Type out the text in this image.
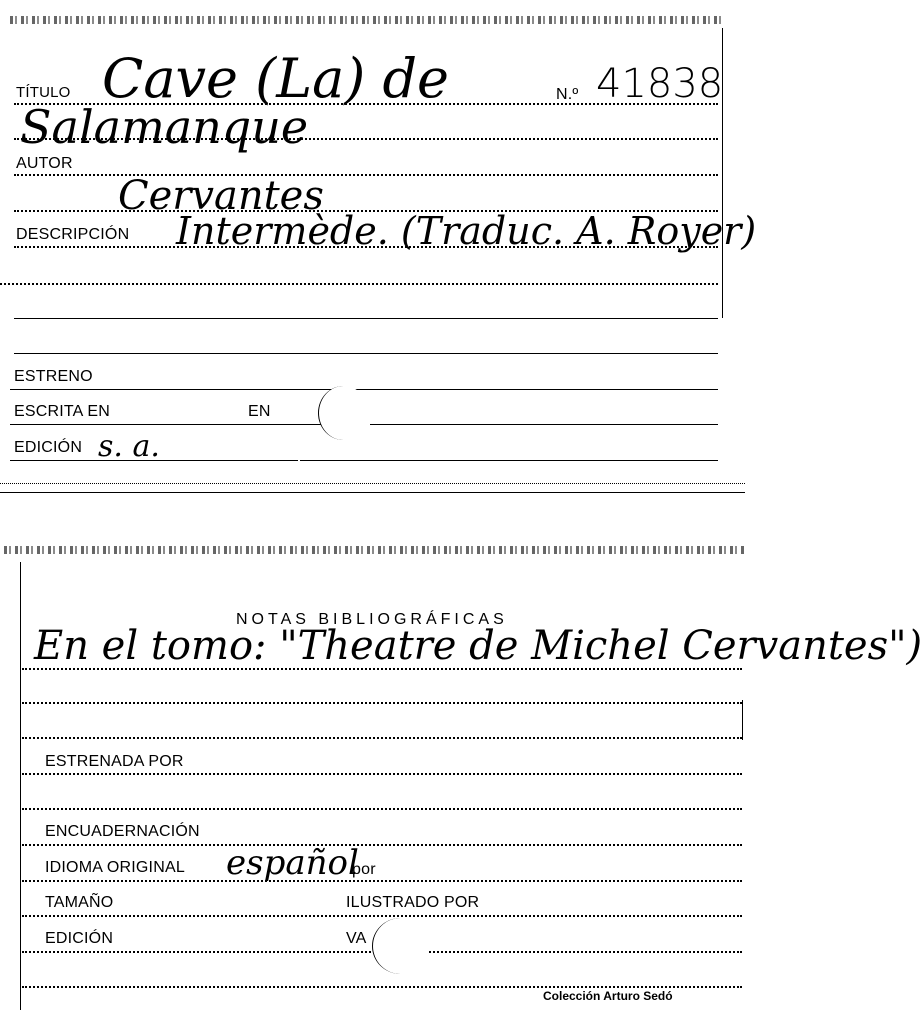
TÍTULO Cave (La) de	N.º 41838
Salamanque
AUTOR
Cervantes
DESCRIPCIÓN Intermède. (Traduc. A. Royer)
ESTRENO
ESCRITA EN	EN
EDICIÓN s. a.
NOTAS BIBLIOGRÁFICAS
En el tomo: "Theatre de Michel Cervantes")
ESTRENADA POR
ENCUADERNACIÓN
IDIOMA ORIGINAL español
por
TAMAÑO	ILUSTRADO POR
EDICIÓN	VA
Colección Arturo Sedó
